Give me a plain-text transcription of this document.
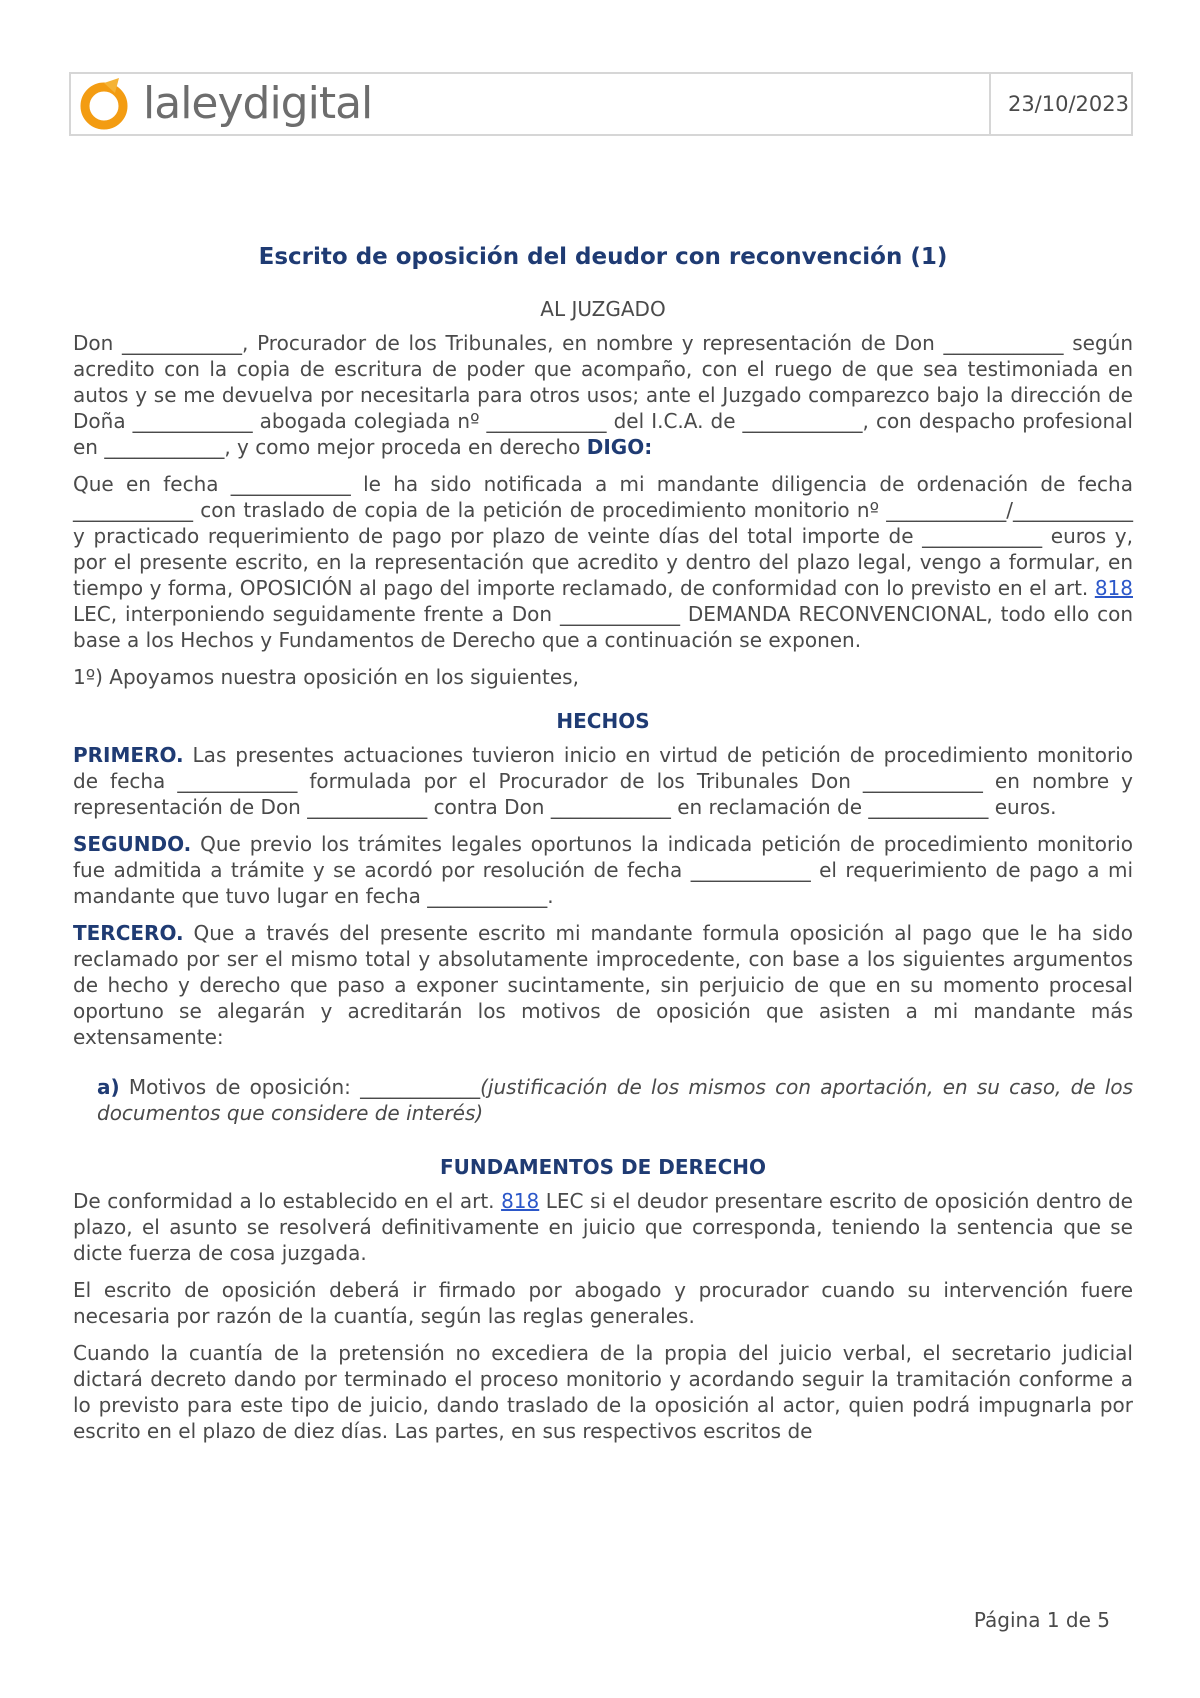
laleydigital	23/10/2023
Escrito de oposición del deudor con reconvención (1)
AL JUZGADO

Don ____________, Procurador de los Tribunales, en nombre y representación de Don ____________ según acredito con la copia de escritura de poder que acompaño, con el ruego de que sea testimoniada en autos y se me devuelva por necesitarla para otros usos; ante el Juzgado comparezco bajo la dirección de Doña ____________ abogada colegiada nº ____________ del I.C.A. de ____________, con despacho profesional en ____________, y como mejor proceda en derecho DIGO:

Que en fecha ____________ le ha sido notificada a mi mandante diligencia de ordenación de fecha ____________ con traslado de copia de la petición de procedimiento monitorio nº ____________/____________ y practicado requerimiento de pago por plazo de veinte días del total importe de ____________ euros y, por el presente escrito, en la representación que acredito y dentro del plazo legal, vengo a formular, en tiempo y forma, OPOSICIÓN al pago del importe reclamado, de conformidad con lo previsto en el art. 818 LEC, interponiendo seguidamente frente a Don ____________ DEMANDA RECONVENCIONAL, todo ello con base a los Hechos y Fundamentos de Derecho que a continuación se exponen.

1º) Apoyamos nuestra oposición en los siguientes,

HECHOS

PRIMERO. Las presentes actuaciones tuvieron inicio en virtud de petición de procedimiento monitorio de fecha ____________ formulada por el Procurador de los Tribunales Don ____________ en nombre y representación de Don ____________ contra Don ____________ en reclamación de ____________ euros.

SEGUNDO. Que previo los trámites legales oportunos la indicada petición de procedimiento monitorio fue admitida a trámite y se acordó por resolución de fecha ____________ el requerimiento de pago a mi mandante que tuvo lugar en fecha ____________.

TERCERO. Que a través del presente escrito mi mandante formula oposición al pago que le ha sido reclamado por ser el mismo total y absolutamente improcedente, con base a los siguientes argumentos de hecho y derecho que paso a exponer sucintamente, sin perjuicio de que en su momento procesal oportuno se alegarán y acreditarán los motivos de oposición que asisten a mi mandante más extensamente:

a) Motivos de oposición: ____________(justificación de los mismos con aportación, en su caso, de los documentos que considere de interés)

FUNDAMENTOS DE DERECHO

De conformidad a lo establecido en el art. 818 LEC si el deudor presentare escrito de oposición dentro de plazo, el asunto se resolverá definitivamente en juicio que corresponda, teniendo la sentencia que se dicte fuerza de cosa juzgada.

El escrito de oposición deberá ir firmado por abogado y procurador cuando su intervención fuere necesaria por razón de la cuantía, según las reglas generales.

Cuando la cuantía de la pretensión no excediera de la propia del juicio verbal, el secretario judicial dictará decreto dando por terminado el proceso monitorio y acordando seguir la tramitación conforme a lo previsto para este tipo de juicio, dando traslado de la oposición al actor, quien podrá impugnarla por escrito en el plazo de diez días. Las partes, en sus respectivos escritos de

Página 1 de 5
